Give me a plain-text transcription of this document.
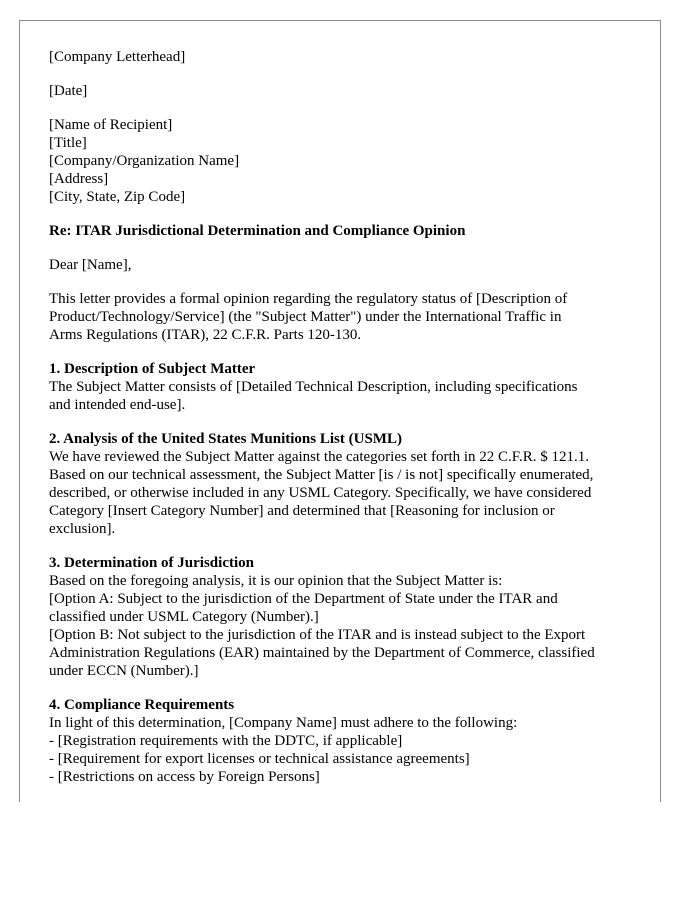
[Company Letterhead]
[Date]
[Name of Recipient]
[Title]
[Company/Organization Name]
[Address]
[City, State, Zip Code]
Re: ITAR Jurisdictional Determination and Compliance Opinion
Dear [Name],
This letter provides a formal opinion regarding the regulatory status of [Description of
Product/Technology/Service] (the "Subject Matter") under the International Traffic in
Arms Regulations (ITAR), 22 C.F.R. Parts 120-130.
1. Description of Subject Matter
The Subject Matter consists of [Detailed Technical Description, including specifications
and intended end-use].
2. Analysis of the United States Munitions List (USML)
We have reviewed the Subject Matter against the categories set forth in 22 C.F.R. $ 121.1.
Based on our technical assessment, the Subject Matter [is / is not] specifically enumerated,
described, or otherwise included in any USML Category. Specifically, we have considered
Category [Insert Category Number] and determined that [Reasoning for inclusion or
exclusion].
3. Determination of Jurisdiction
Based on the foregoing analysis, it is our opinion that the Subject Matter is:
[Option A: Subject to the jurisdiction of the Department of State under the ITAR and
classified under USML Category (Number).]
[Option B: Not subject to the jurisdiction of the ITAR and is instead subject to the Export
Administration Regulations (EAR) maintained by the Department of Commerce, classified
under ECCN (Number).]
4. Compliance Requirements
In light of this determination, [Company Name] must adhere to the following:
- [Registration requirements with the DDTC, if applicable]
- [Requirement for export licenses or technical assistance agreements]
- [Restrictions on access by Foreign Persons]
